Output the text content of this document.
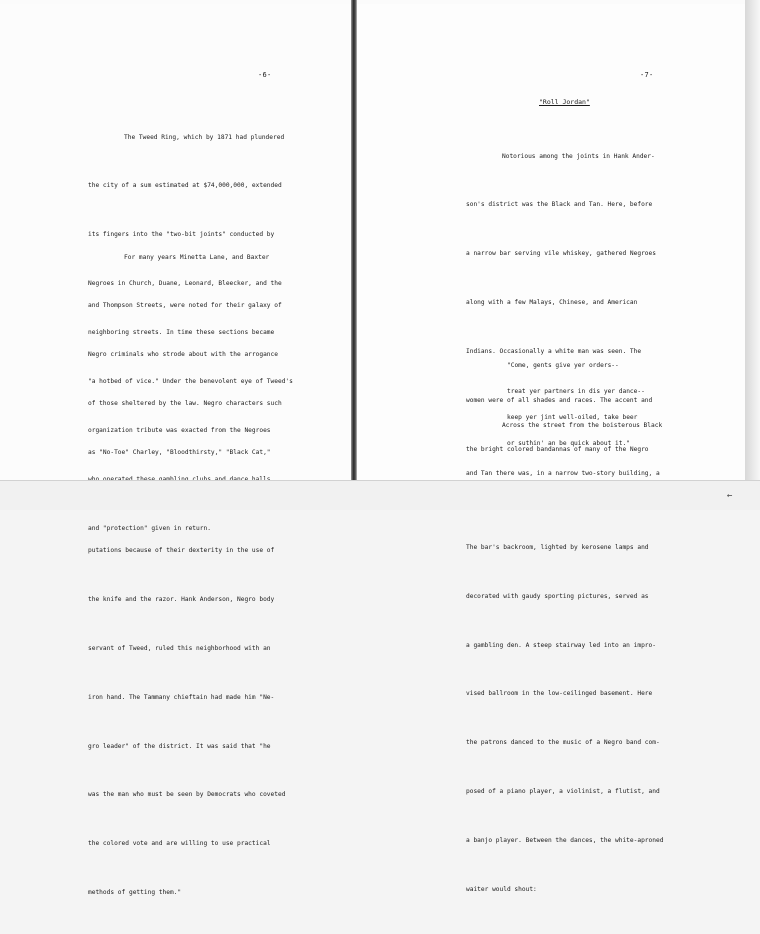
-6-

The Tweed Ring, which by 1871 had plundered

the city of a sum estimated at $74,000,000, extended

its fingers into the "two-bit joints" conducted by

Negroes in Church, Duane, Leonard, Bleecker, and the

neighboring streets. In time these sections became

"a hotbed of vice." Under the benevolent eye of Tweed's

organization tribute was exacted from the Negroes

and "protection" given in return.

For many years Minetta Lane, and Baxter

and Thompson Streets, were noted for their galaxy of

Negro criminals who strode about with the arrogance

of those sheltered by the law. Negro characters such

as "No-Toe" Charley, "Bloodthirsty," "Black Cat,"

putations because of their dexterity in the use of

the knife and the razor. Hank Anderson, Negro body

servant of Tweed, ruled this neighborhood with an

iron hand. The Tammany chieftain had made him "Ne-

gro leader" of the district. It was said that "he

was the man who must be seen by Democrats who coveted

the colored vote and are willing to use practical

methods of getting them."

-7-
"Roll Jordan"

Notorious among the joints in Hank Ander-

son's district was the Black and Tan. Here, before

a narrow bar serving vile whiskey, gathered Negroes

along with a few Malays, Chinese, and American

Indians. Occasionally a white man was seen. The

women were of all shades and races. The accent and

the bright colored bandannas of many of the Negro

The bar's backroom, lighted by kerosene lamps and

decorated with gaudy sporting pictures, served as

a gambling den. A steep stairway led into an impro-

vised ballroom in the low-ceilinged basement. Here

the patrons danced to the music of a Negro band com-

posed of a piano player, a violinist, a flutist, and

a banjo player. Between the dances, the white-aproned

waiter would shout:

"Come, gents give yer orders--

treat yer partners in dis yer dance--

keep yer jint well-oiled, take beer

or suthin' an be quick about it."

Across the street from the boisterous Black

and Tan there was, in a narrow two-story building, a

←
